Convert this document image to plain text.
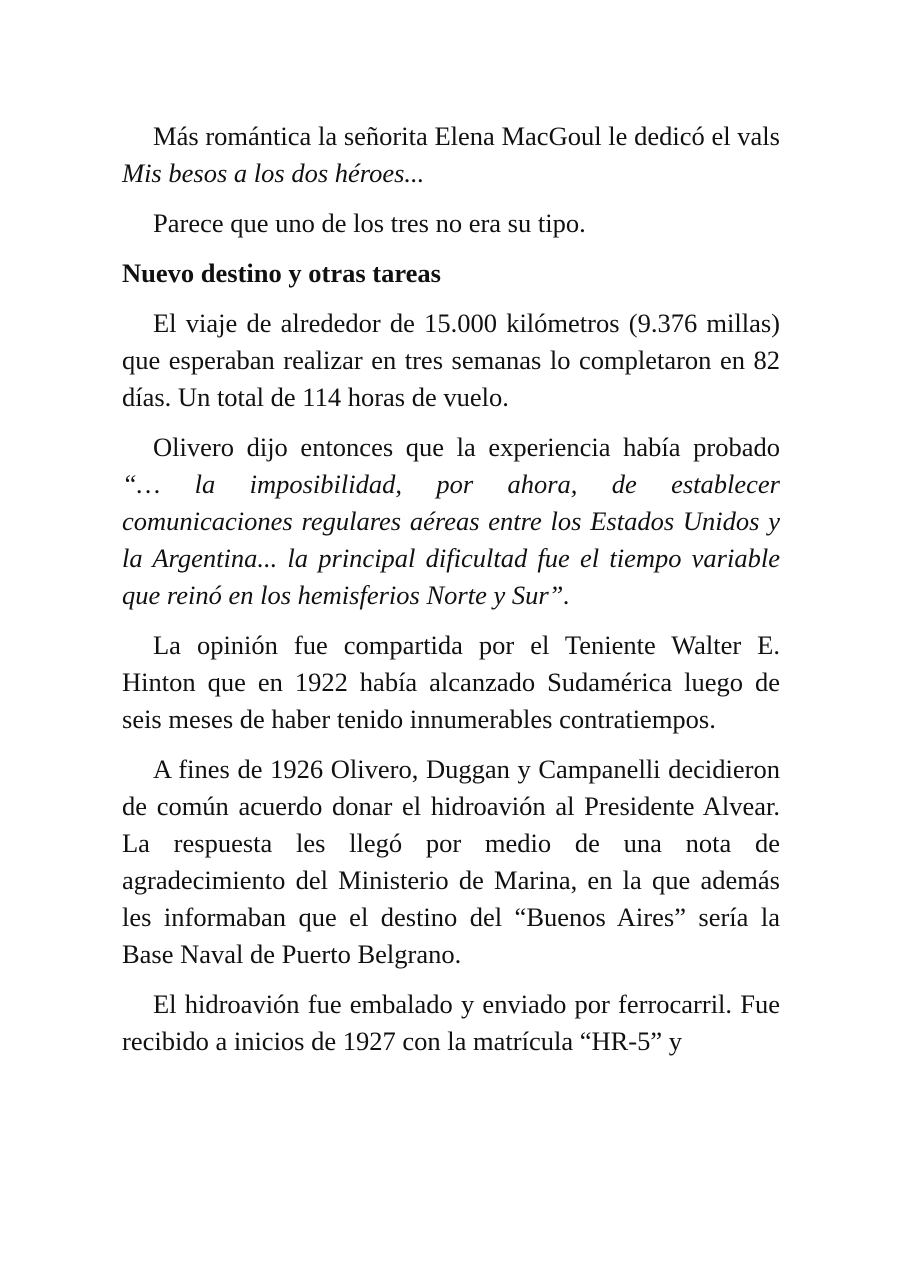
Más romántica la señorita Elena MacGoul le dedicó el vals Mis besos a los dos héroes...

Parece que uno de los tres no era su tipo.

Nuevo destino y otras tareas

El viaje de alrededor de 15.000 kilómetros (9.376 millas) que esperaban realizar en tres semanas lo completaron en 82 días. Un total de 114 horas de vuelo.

Olivero dijo entonces que la experiencia había probado “… la imposibilidad, por ahora, de establecer comunicaciones regulares aéreas entre los Estados Unidos y la Argentina... la principal dificultad fue el tiempo variable que reinó en los hemisferios Norte y Sur”.

La opinión fue compartida por el Teniente Walter E. Hinton que en 1922 había alcanzado Sudamérica luego de seis meses de haber tenido innumerables contratiempos.

A fines de 1926 Olivero, Duggan y Campanelli decidieron de común acuerdo donar el hidroavión al Presidente Alvear. La respuesta les llegó por medio de una nota de agradecimiento del Ministerio de Marina, en la que además les informaban que el destino del “Buenos Aires” sería la Base Naval de Puerto Belgrano.

El hidroavión fue embalado y enviado por ferrocarril. Fue recibido a inicios de 1927 con la matrícula “HR-5” y
